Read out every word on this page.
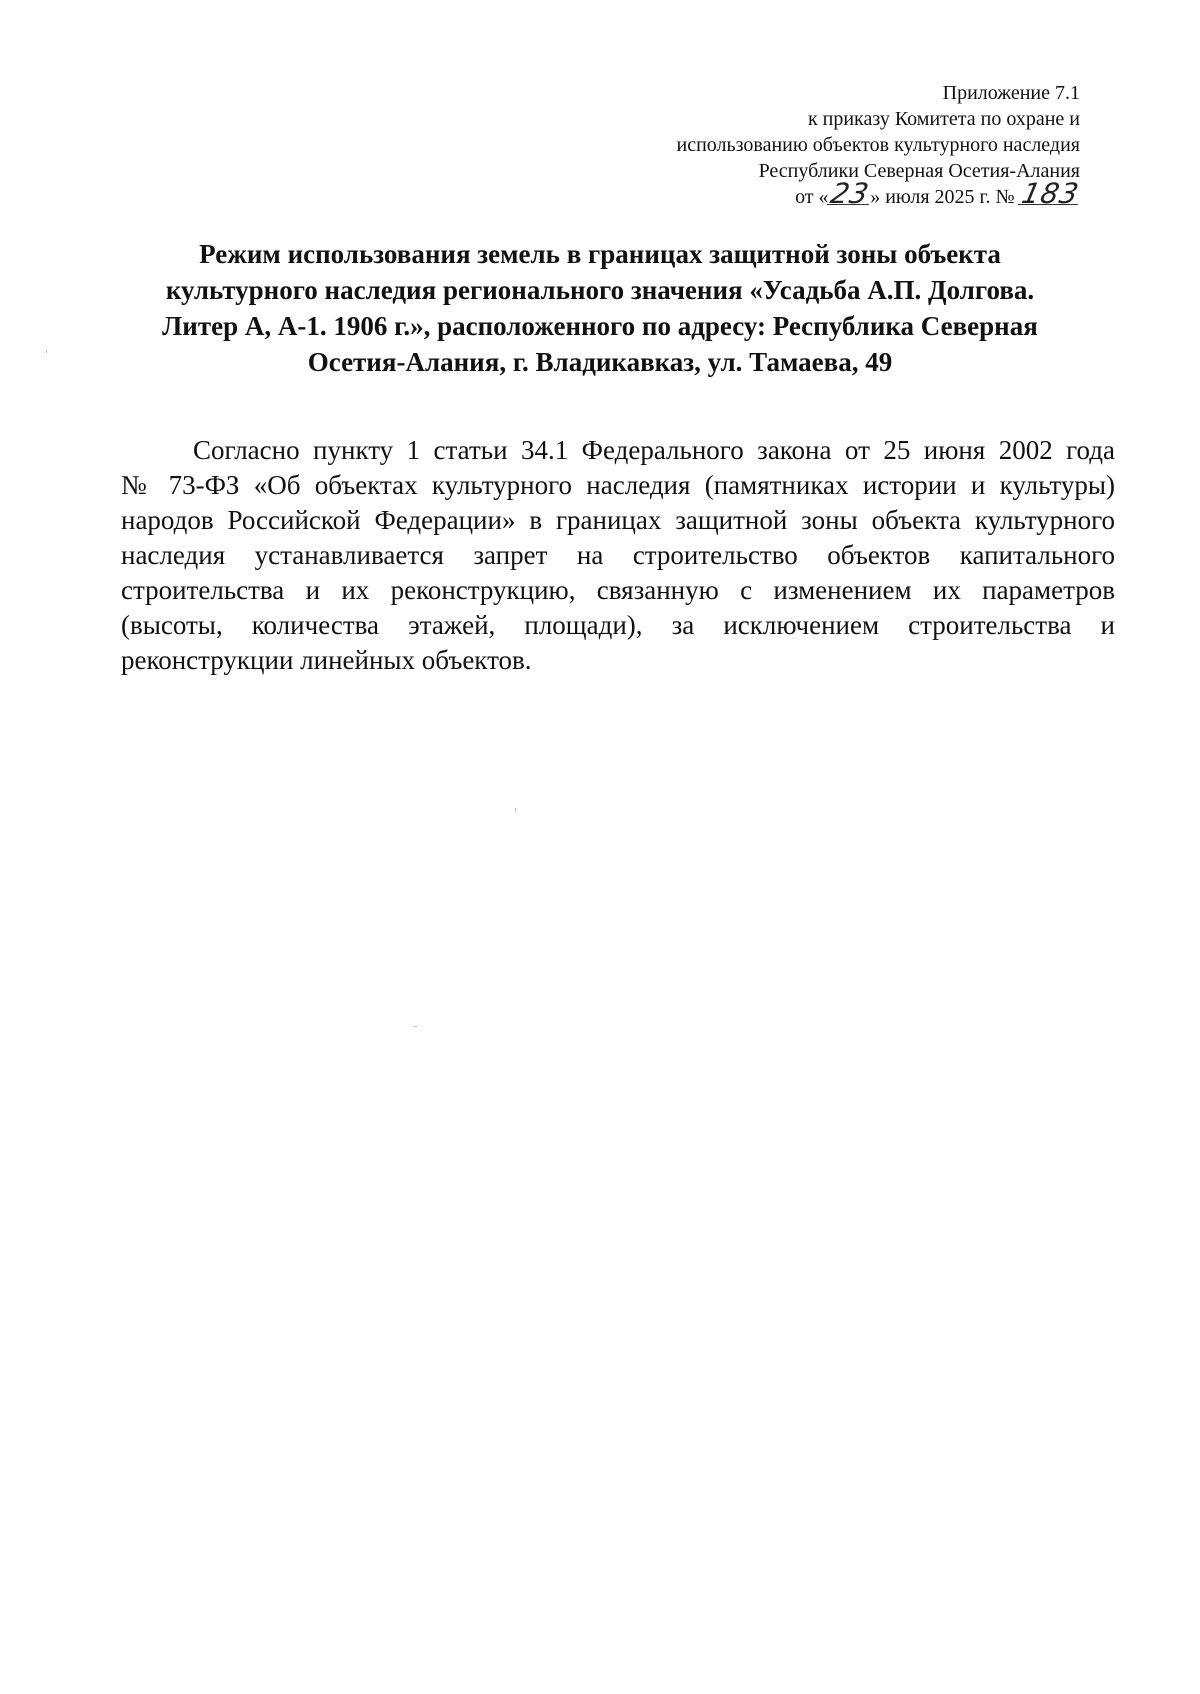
Приложение 7.1
к приказу Комитета по охране и
использованию объектов культурного наследия
Республики Северная Осетия-Алания
от «23» июля 2025 г. № 183
Режим использования земель в границах защитной зоны объекта
культурного наследия регионального значения «Усадьба А.П. Долгова.
Литер А, А-1. 1906 г.», расположенного по адресу: Республика Северная
Осетия-Алания, г. Владикавказ, ул. Тамаева, 49
Согласно пункту 1 статьи 34.1 Федерального закона от 25 июня 2002 года
№ 73-ФЗ «Об объектах культурного наследия (памятниках истории и культуры)
народов Российской Федерации» в границах защитной зоны объекта культурного
наследия устанавливается запрет на строительство объектов капитального
строительства и их реконструкцию, связанную с изменением их параметров
(высоты, количества этажей, площади), за исключением строительства и
реконструкции линейных объектов.
